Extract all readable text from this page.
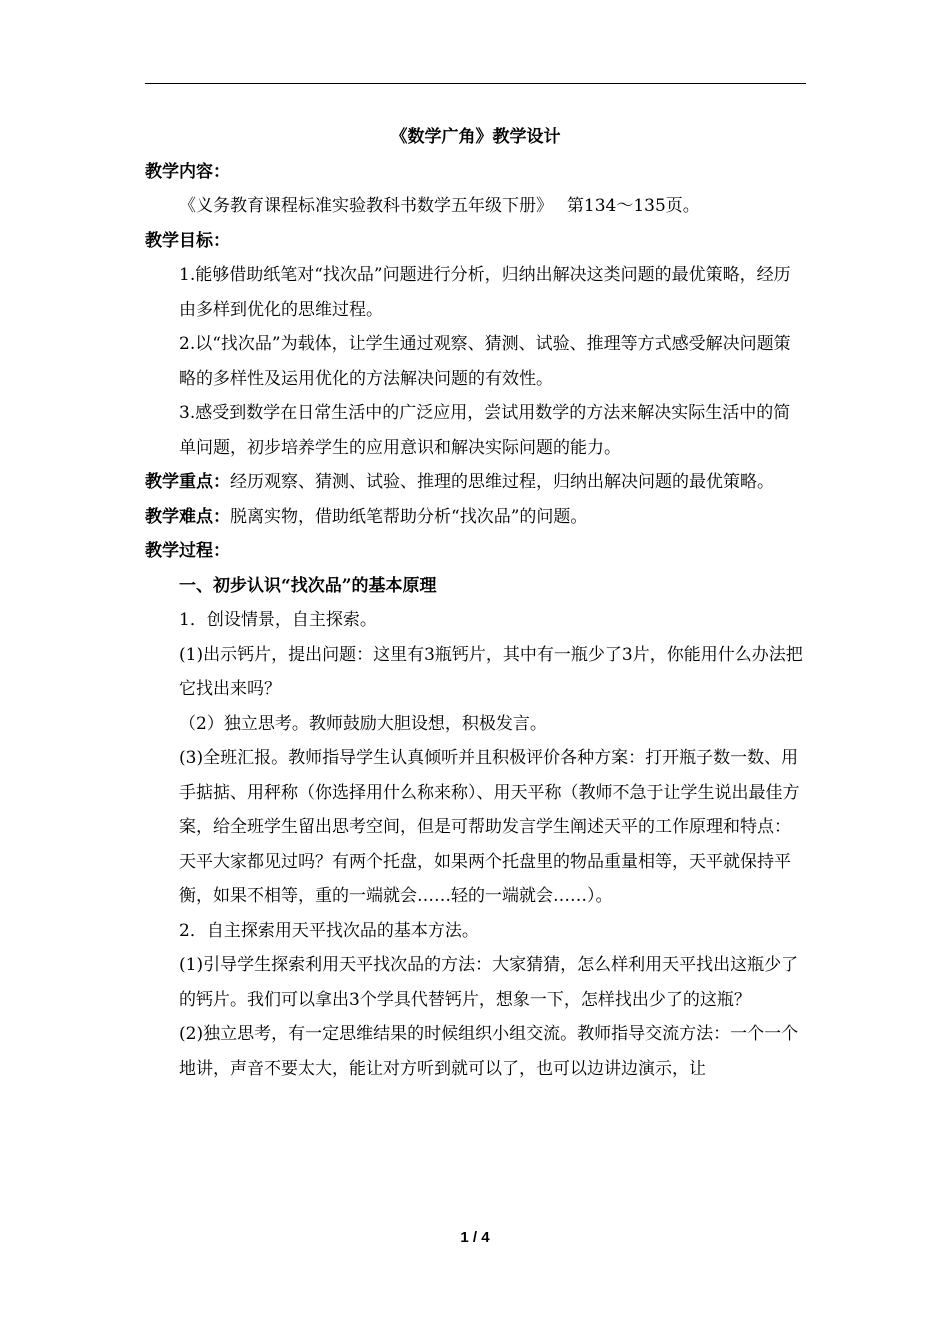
《数学广角》教学设计
教学内容：
《义务教育课程标准实验教科书数学五年级下册》　 第134～135页。
教学目标：
1.能够借助纸笔对“找次品”问题进行分析，归纳出解决这类问题的最优策略，经历由多样到优化的思维过程。
2.以“找次品”为载体，让学生通过观察、猜测、试验、推理等方式感受解决问题策略的多样性及运用优化的方法解决问题的有效性。
3.感受到数学在日常生活中的广泛应用，尝试用数学的方法来解决实际生活中的简单问题，初步培养学生的应用意识和解决实际问题的能力。
教学重点：经历观察、猜测、试验、推理的思维过程，归纳出解决问题的最优策略。
教学难点：脱离实物，借助纸笔帮助分析“找次品”的问题。
教学过程：
一、初步认识“找次品”的基本原理
1．创设情景，自主探索。
(1)出示钙片，提出问题：这里有3瓶钙片，其中有一瓶少了3片，你能用什么办法把它找出来吗？
（2）独立思考。教师鼓励大胆设想，积极发言。
(3)全班汇报。教师指导学生认真倾听并且积极评价各种方案：打开瓶子数一数、用手掂掂、用秤称（你选择用什么称来称）、用天平称（教师不急于让学生说出最佳方案，给全班学生留出思考空间，但是可帮助发言学生阐述天平的工作原理和特点：天平大家都见过吗？有两个托盘，如果两个托盘里的物品重量相等，天平就保持平衡，如果不相等，重的一端就会……轻的一端就会……）。
2．自主探索用天平找次品的基本方法。
(1)引导学生探索利用天平找次品的方法：大家猜猜，怎么样利用天平找出这瓶少了的钙片。我们可以拿出3个学具代替钙片，想象一下，怎样找出少了的这瓶？
(2)独立思考，有一定思维结果的时候组织小组交流。教师指导交流方法：一个一个地讲，声音不要太大，能让对方听到就可以了，也可以边讲边演示，让
1 / 4
